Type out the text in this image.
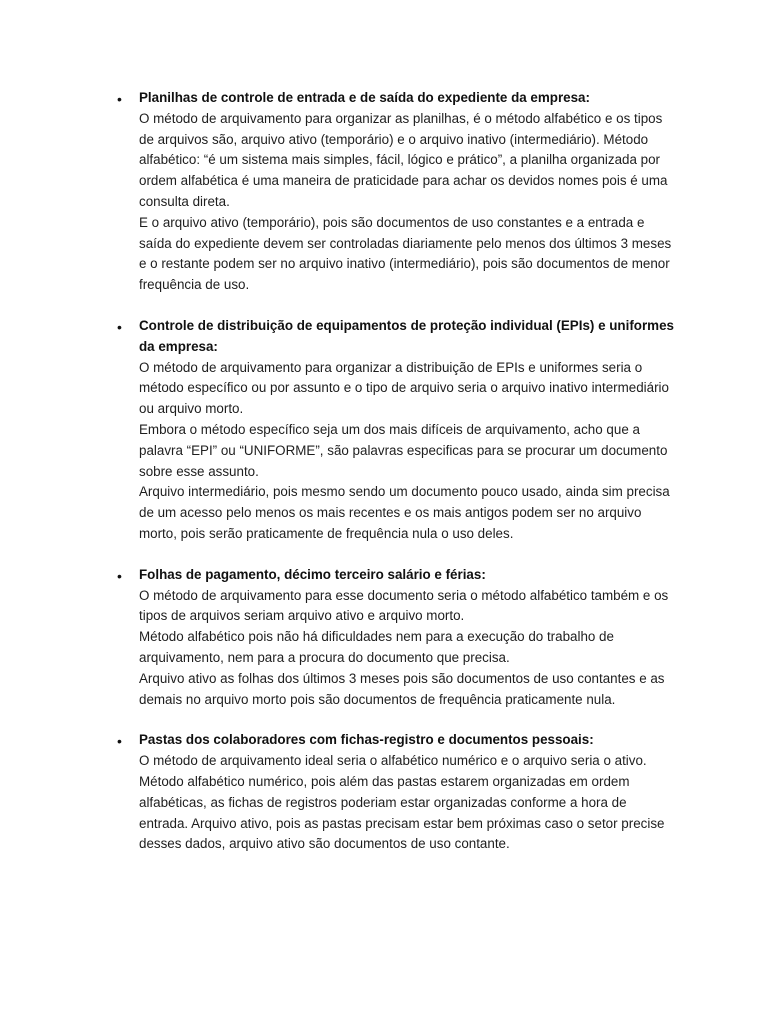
• Planilhas de controle de entrada e de saída do expediente da empresa:

O método de arquivamento para organizar as planilhas, é o método alfabético e os tipos de arquivos são, arquivo ativo (temporário) e o arquivo inativo (intermediário). Método alfabético: “é um sistema mais simples, fácil, lógico e prático”, a planilha organizada por ordem alfabética é uma maneira de praticidade para achar os devidos nomes pois é uma consulta direta.

E o arquivo ativo (temporário), pois são documentos de uso constantes e a entrada e saída do expediente devem ser controladas diariamente pelo menos dos últimos 3 meses e o restante podem ser no arquivo inativo (intermediário), pois são documentos de menor frequência de uso.

• Controle de distribuição de equipamentos de proteção individual (EPIs) e uniformes da empresa:

O método de arquivamento para organizar a distribuição de EPIs e uniformes seria o método específico ou por assunto e o tipo de arquivo seria o arquivo inativo intermediário ou arquivo morto.

Embora o método específico seja um dos mais difíceis de arquivamento, acho que a palavra “EPI” ou “UNIFORME”, são palavras especificas para se procurar um documento sobre esse assunto.

Arquivo intermediário, pois mesmo sendo um documento pouco usado, ainda sim precisa de um acesso pelo menos os mais recentes e os mais antigos podem ser no arquivo morto, pois serão praticamente de frequência nula o uso deles.

• Folhas de pagamento, décimo terceiro salário e férias:

O método de arquivamento para esse documento seria o método alfabético também e os tipos de arquivos seriam arquivo ativo e arquivo morto.

Método alfabético pois não há dificuldades nem para a execução do trabalho de arquivamento, nem para a procura do documento que precisa.

Arquivo ativo as folhas dos últimos 3 meses pois são documentos de uso contantes e as demais no arquivo morto pois são documentos de frequência praticamente nula.

• Pastas dos colaboradores com fichas-registro e documentos pessoais:

O método de arquivamento ideal seria o alfabético numérico e o arquivo seria o ativo. Método alfabético numérico, pois além das pastas estarem organizadas em ordem alfabéticas, as fichas de registros poderiam estar organizadas conforme a hora de entrada. Arquivo ativo, pois as pastas precisam estar bem próximas caso o setor precise desses dados, arquivo ativo são documentos de uso contante.
